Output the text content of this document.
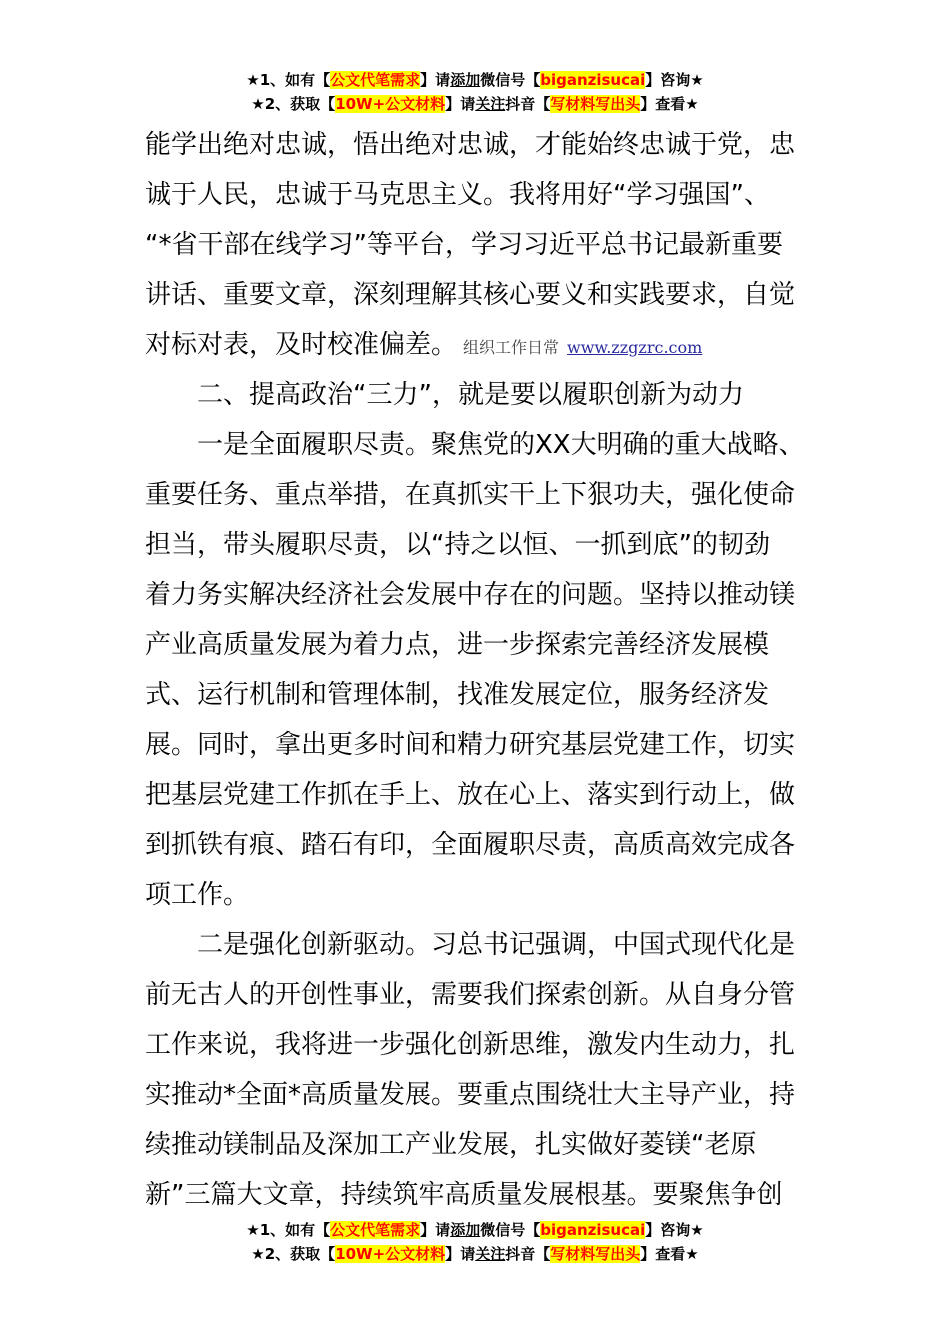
★1、如有【公文代笔需求】请添加微信号【biganzisucai】咨询★
★2、获取【10W+公文材料】请关注抖音【写材料写出头】查看★
能学出绝对忠诚，悟出绝对忠诚，才能始终忠诚于党，忠
诚于人民，忠诚于马克思主义。我将用好“学习强国”、
“*省干部在线学习”等平台，学习习近平总书记最新重要
讲话、重要文章，深刻理解其核心要义和实践要求，自觉
对标对表，及时校准偏差。 组织工作日常 www.zzgzrc.com
二、提高政治“三力”，就是要以履职创新为动力
一是全面履职尽责。聚焦党的XX大明确的重大战略、
重要任务、重点举措，在真抓实干上下狠功夫，强化使命
担当，带头履职尽责，以“持之以恒、一抓到底”的韧劲
着力务实解决经济社会发展中存在的问题。坚持以推动镁
产业高质量发展为着力点，进一步探索完善经济发展模
式、运行机制和管理体制，找准发展定位，服务经济发
展。同时，拿出更多时间和精力研究基层党建工作，切实
把基层党建工作抓在手上、放在心上、落实到行动上，做
到抓铁有痕、踏石有印，全面履职尽责，高质高效完成各
项工作。
二是强化创新驱动。习总书记强调，中国式现代化是
前无古人的开创性事业，需要我们探索创新。从自身分管
工作来说，我将进一步强化创新思维，激发内生动力，扎
实推动*全面*高质量发展。要重点围绕壮大主导产业，持
续推动镁制品及深加工产业发展，扎实做好菱镁“老原
新”三篇大文章，持续筑牢高质量发展根基。要聚焦争创
★1、如有【公文代笔需求】请添加微信号【biganzisucai】咨询★
★2、获取【10W+公文材料】请关注抖音【写材料写出头】查看★
